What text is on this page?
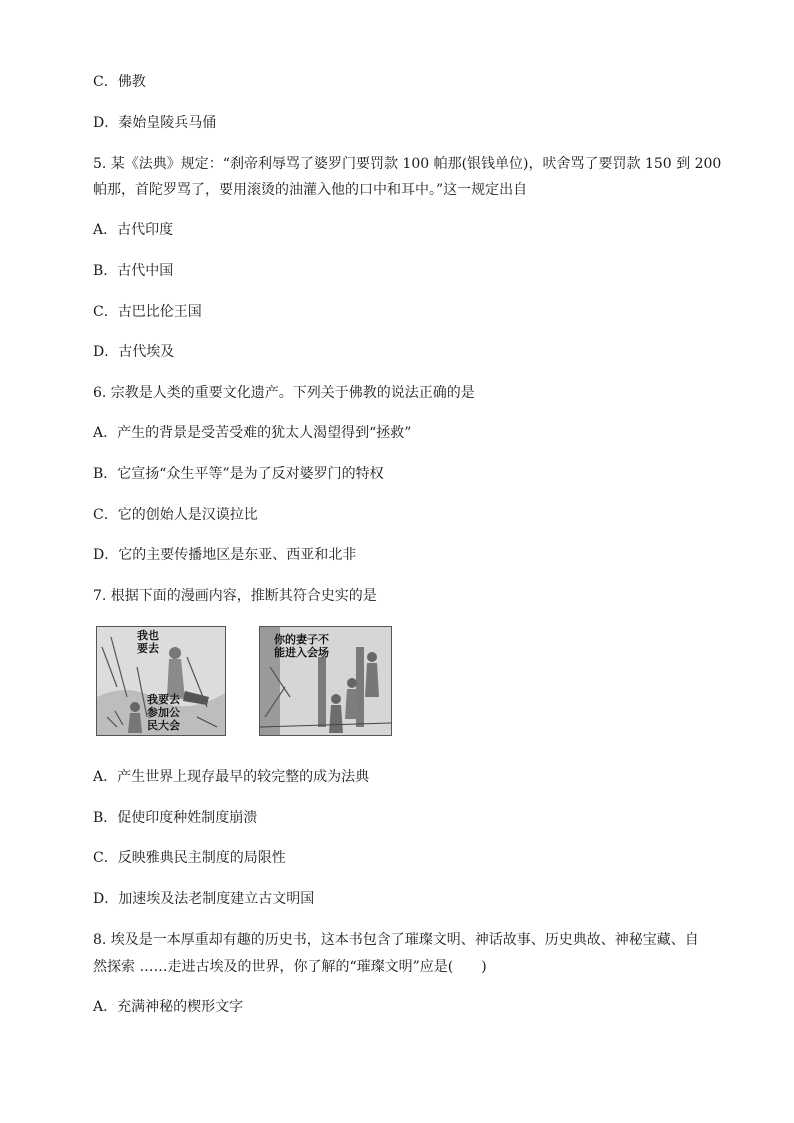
C．佛教
D．秦始皇陵兵马俑
5. 某《法典》规定：“刹帝利辱骂了婆罗门要罚款 100 帕那(银钱单位)，吠舍骂了要罚款 150 到 200
帕那，首陀罗骂了，要用滚烫的油灌入他的口中和耳中。”这一规定出自
A．古代印度
B．古代中国
C．古巴比伦王国
D．古代埃及
6. 宗教是人类的重要文化遗产。下列关于佛教的说法正确的是
A．产生的背景是受苦受难的犹太人渴望得到“拯救”
B．它宣扬“众生平等”是为了反对婆罗门的特权
C．它的创始人是汉谟拉比
D．它的主要传播地区是东亚、西亚和北非
7. 根据下面的漫画内容，推断其符合史实的是
我也要去
我要去参加公民大会
你的妻子不能进入会场
A．产生世界上现存最早的较完整的成为法典
B．促使印度种姓制度崩溃
C．反映雅典民主制度的局限性
D．加速埃及法老制度建立古文明国
8. 埃及是一本厚重却有趣的历史书，这本书包含了璀璨文明、神话故事、历史典故、神秘宝藏、自
然探索 ……走进古埃及的世界，你了解的“璀璨文明”应是(　　)
A．充满神秘的楔形文字
